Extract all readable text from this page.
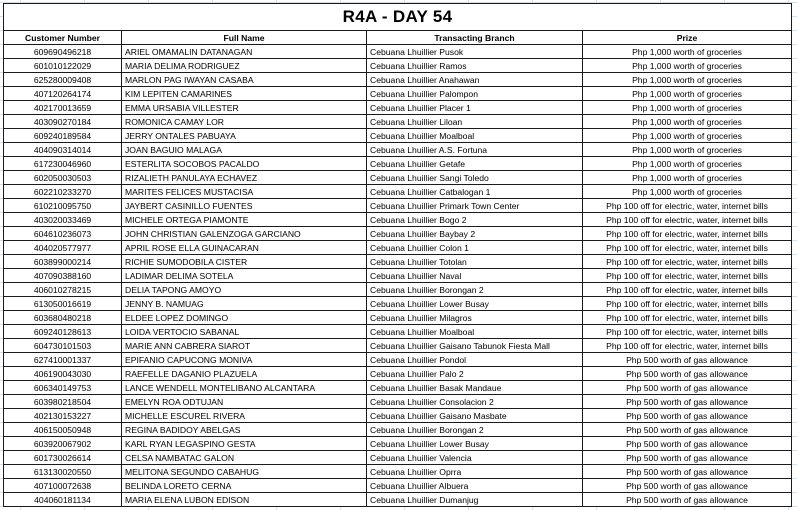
R4A - DAY 54			
Customer Number	Full Name	Transacting Branch	Prize
609690496218	ARIEL OMAMALIN DATANAGAN	Cebuana Lhuillier Pusok	Php 1,000 worth of groceries
601010122029	MARIA DELIMA RODRIGUEZ	Cebuana Lhuillier Ramos	Php 1,000 worth of groceries
625280009408	MARLON PAG IWAYAN CASABA	Cebuana Lhuillier Anahawan	Php 1,000 worth of groceries
407120264174	KIM LEPITEN CAMARINES	Cebuana Lhuillier Palompon	Php 1,000 worth of groceries
402170013659	EMMA URSABIA VILLESTER	Cebuana Lhuillier Placer 1	Php 1,000 worth of groceries
403090270184	ROMONICA CAMAY LOR	Cebuana Lhuillier Liloan	Php 1,000 worth of groceries
609240189584	JERRY ONTALES PABUAYA	Cebuana Lhuillier Moalboal	Php 1,000 worth of groceries
404090314014	JOAN BAGUIO MALAGA	Cebuana Lhuillier A.S. Fortuna	Php 1,000 worth of groceries
617230046960	ESTERLITA SOCOBOS PACALDO	Cebuana Lhuillier Getafe	Php 1,000 worth of groceries
602050030503	RIZALIETH PANULAYA ECHAVEZ	Cebuana Lhuillier Sangi Toledo	Php 1,000 worth of groceries
602210233270	MARITES FELICES MUSTACISA	Cebuana Lhuillier Catbalogan 1	Php 1,000 worth of groceries
610210095750	JAYBERT CASINILLO FUENTES	Cebuana Lhuillier Primark Town Center	Php 100 off for electric, water, internet bills
403020033469	MICHELE ORTEGA PIAMONTE	Cebuana Lhuillier Bogo 2	Php 100 off for electric, water, internet bills
604610236073	JOHN CHRISTIAN GALENZOGA GARCIANO	Cebuana Lhuillier Baybay 2	Php 100 off for electric, water, internet bills
404020577977	APRIL ROSE ELLA GUINACARAN	Cebuana Lhuillier Colon 1	Php 100 off for electric, water, internet bills
603899000214	RICHIE SUMODOBILA CISTER	Cebuana Lhuillier Totolan	Php 100 off for electric, water, internet bills
407090388160	LADIMAR DELIMA SOTELA	Cebuana Lhuillier Naval	Php 100 off for electric, water, internet bills
406010278215	DELIA TAPONG AMOYO	Cebuana Lhuillier Borongan 2	Php 100 off for electric, water, internet bills
613050016619	JENNY B. NAMUAG	Cebuana Lhuillier Lower Busay	Php 100 off for electric, water, internet bills
603680480218	ELDEE LOPEZ DOMINGO	Cebuana Lhuillier Milagros	Php 100 off for electric, water, internet bills
609240128613	LOIDA VERTOCIO SABANAL	Cebuana Lhuillier Moalboal	Php 100 off for electric, water, internet bills
604730101503	MARIE ANN CABRERA SIAROT	Cebuana Lhuillier Gaisano Tabunok Fiesta Mall	Php 100 off for electric, water, internet bills
627410001337	EPIFANIO CAPUCONG MONIVA	Cebuana Lhuillier Pondol	Php 500 worth of gas allowance
406190043030	RAEFELLE DAGANIO PLAZUELA	Cebuana Lhuillier Palo 2	Php 500 worth of gas allowance
606340149753	LANCE WENDELL MONTELIBANO ALCANTARA	Cebuana Lhuillier Basak Mandaue	Php 500 worth of gas allowance
603980218504	EMELYN ROA ODTUJAN	Cebuana Lhuillier Consolacion 2	Php 500 worth of gas allowance
402130153227	MICHELLE ESCUREL RIVERA	Cebuana Lhuillier Gaisano Masbate	Php 500 worth of gas allowance
406150050948	REGINA BADIDOY ABELGAS	Cebuana Lhuillier Borongan 2	Php 500 worth of gas allowance
603920067902	KARL RYAN LEGASPINO GESTA	Cebuana Lhuillier Lower Busay	Php 500 worth of gas allowance
601730026614	CELSA NAMBATAC GALON	Cebuana Lhuillier Valencia	Php 500 worth of gas allowance
613130020550	MELITONA SEGUNDO CABAHUG	Cebuana Lhuillier Oprra	Php 500 worth of gas allowance
407100072638	BELINDA LORETO CERNA	Cebuana Lhuillier Albuera	Php 500 worth of gas allowance
404060181134	MARIA ELENA LUBON EDISON	Cebuana Lhuillier Dumanjug	Php 500 worth of gas allowance
